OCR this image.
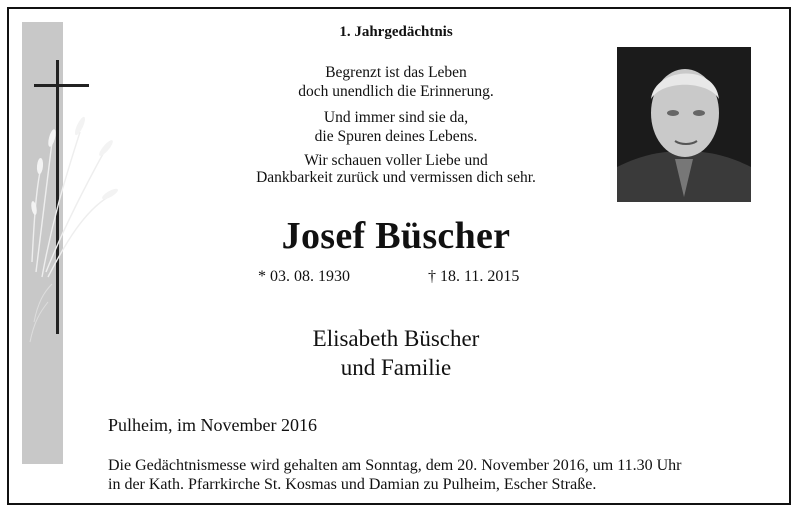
1. Jahrgedächtnis
Begrenzt ist das Leben
doch unendlich die Erinnerung.
Und immer sind sie da,
die Spuren deines Lebens.
Wir schauen voller Liebe und
Dankbarkeit zurück und vermissen dich sehr.
Josef Büscher
* 03. 08. 1930	† 18. 11. 2015
Elisabeth Büscher
und Familie
Pulheim, im November 2016
Die Gedächtnismesse wird gehalten am Sonntag, dem 20. November 2016, um 11.30 Uhr
in der Kath. Pfarrkirche St. Kosmas und Damian zu Pulheim, Escher Straße.
